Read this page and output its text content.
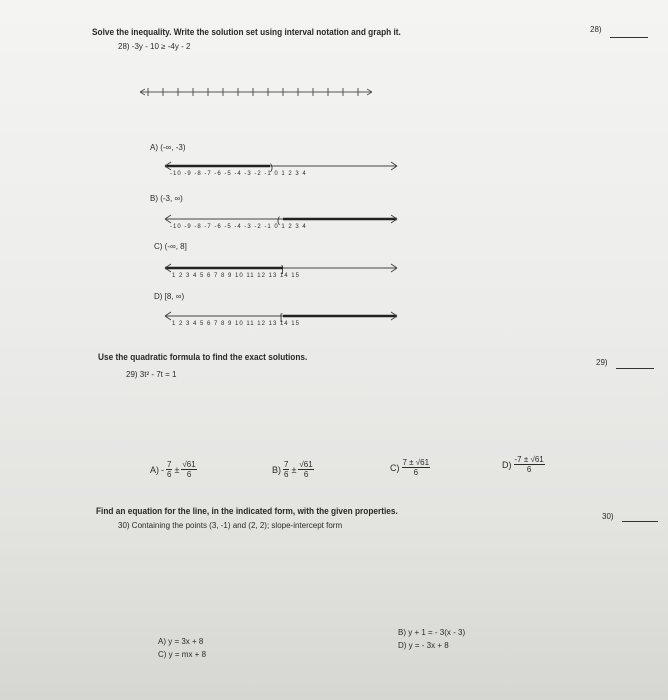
Solve the inequality. Write the solution set using interval notation and graph it.
28) -3y - 10 ≥ -4y - 2
28)
A) (-∞, -3)
)
-10 -9 -8 -7 -6 -5 -4 -3 -2 -1 0 1 2 3 4
B) (-3, ∞)
(
-10 -9 -8 -7 -6 -5 -4 -3 -2 -1 0 1 2 3 4
C) (-∞, 8]
]
1 2 3 4 5 6 7 8 9 10 11 12 13 14 15
D) [8, ∞)
[
1 2 3 4 5 6 7 8 9 10 11 12 13 14 15
Use the quadratic formula to find the exact solutions.
29) 3t² - 7t = 1
29)
$A) - \frac{7}{6} \pm \frac{√61}{6}$	$B) \frac{7}{6} \pm \frac{√61}{6}$	$C) \frac{7 \pm √61}{6}$	$D) \frac{-7 \pm √61}{6}$
Find an equation for the line, in the indicated form, with the given properties.
30) Containing the points (3, -1) and (2, 2); slope-intercept form
30)
A) y = 3x + 8
B) y + 1 = - 3(x - 3)
C) y = mx + 8
D) y = - 3x + 8
